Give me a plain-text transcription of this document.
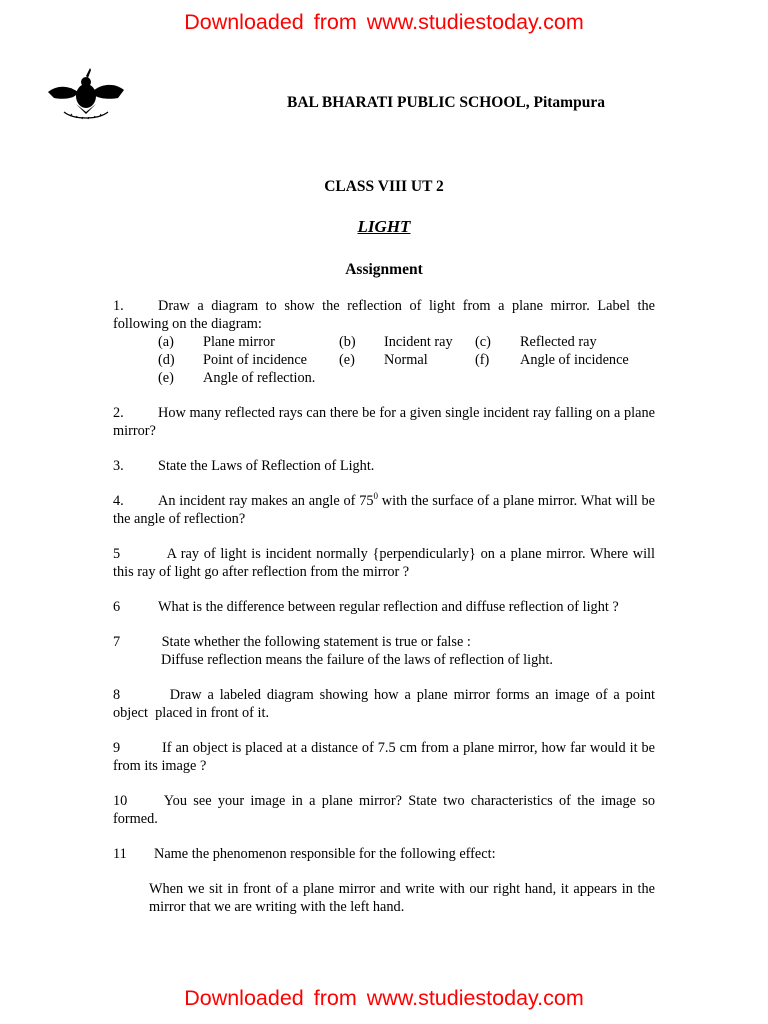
Downloaded from www.studiestoday.com
BAL BHARATI PUBLIC SCHOOL, Pitampura
CLASS VIII UT 2
LIGHT
Assignment
1. Draw a diagram to show the reflection of light from a plane mirror. Label the following on the diagram:
(a)	Plane mirror	(b)	Incident ray	(c)	Reflected ray
(d)	Point of incidence	(e)	Normal	(f)	Angle of incidence
(e)	Angle of reflection.
2. How many reflected rays can there be for a given single incident ray falling on a plane mirror?
3. State the Laws of Reflection of Light.
4. An incident ray makes an angle of $75^0$ with the surface of a plane mirror. What will be the angle of reflection?
5	A ray of light is incident normally {perpendicularly} on a plane mirror. Where will this ray of light go after reflection from the mirror ?
6	What is the difference between regular reflection and diffuse reflection of light ?
7	State whether the following statement is true or false :
Diffuse reflection means the failure of the laws of reflection of light.
8	Draw a labeled diagram showing how a plane mirror forms an image of a point object  placed in front of it.
9	If an object is placed at a distance of 7.5 cm from a plane mirror, how far would it be from its image ?
10 You see your image in a plane mirror? State two characteristics of the image so formed.
11 Name the phenomenon responsible for the following effect:
When we sit in front of a plane mirror and write with our right hand, it appears in the mirror that we are writing with the left hand.
Downloaded from www.studiestoday.com
